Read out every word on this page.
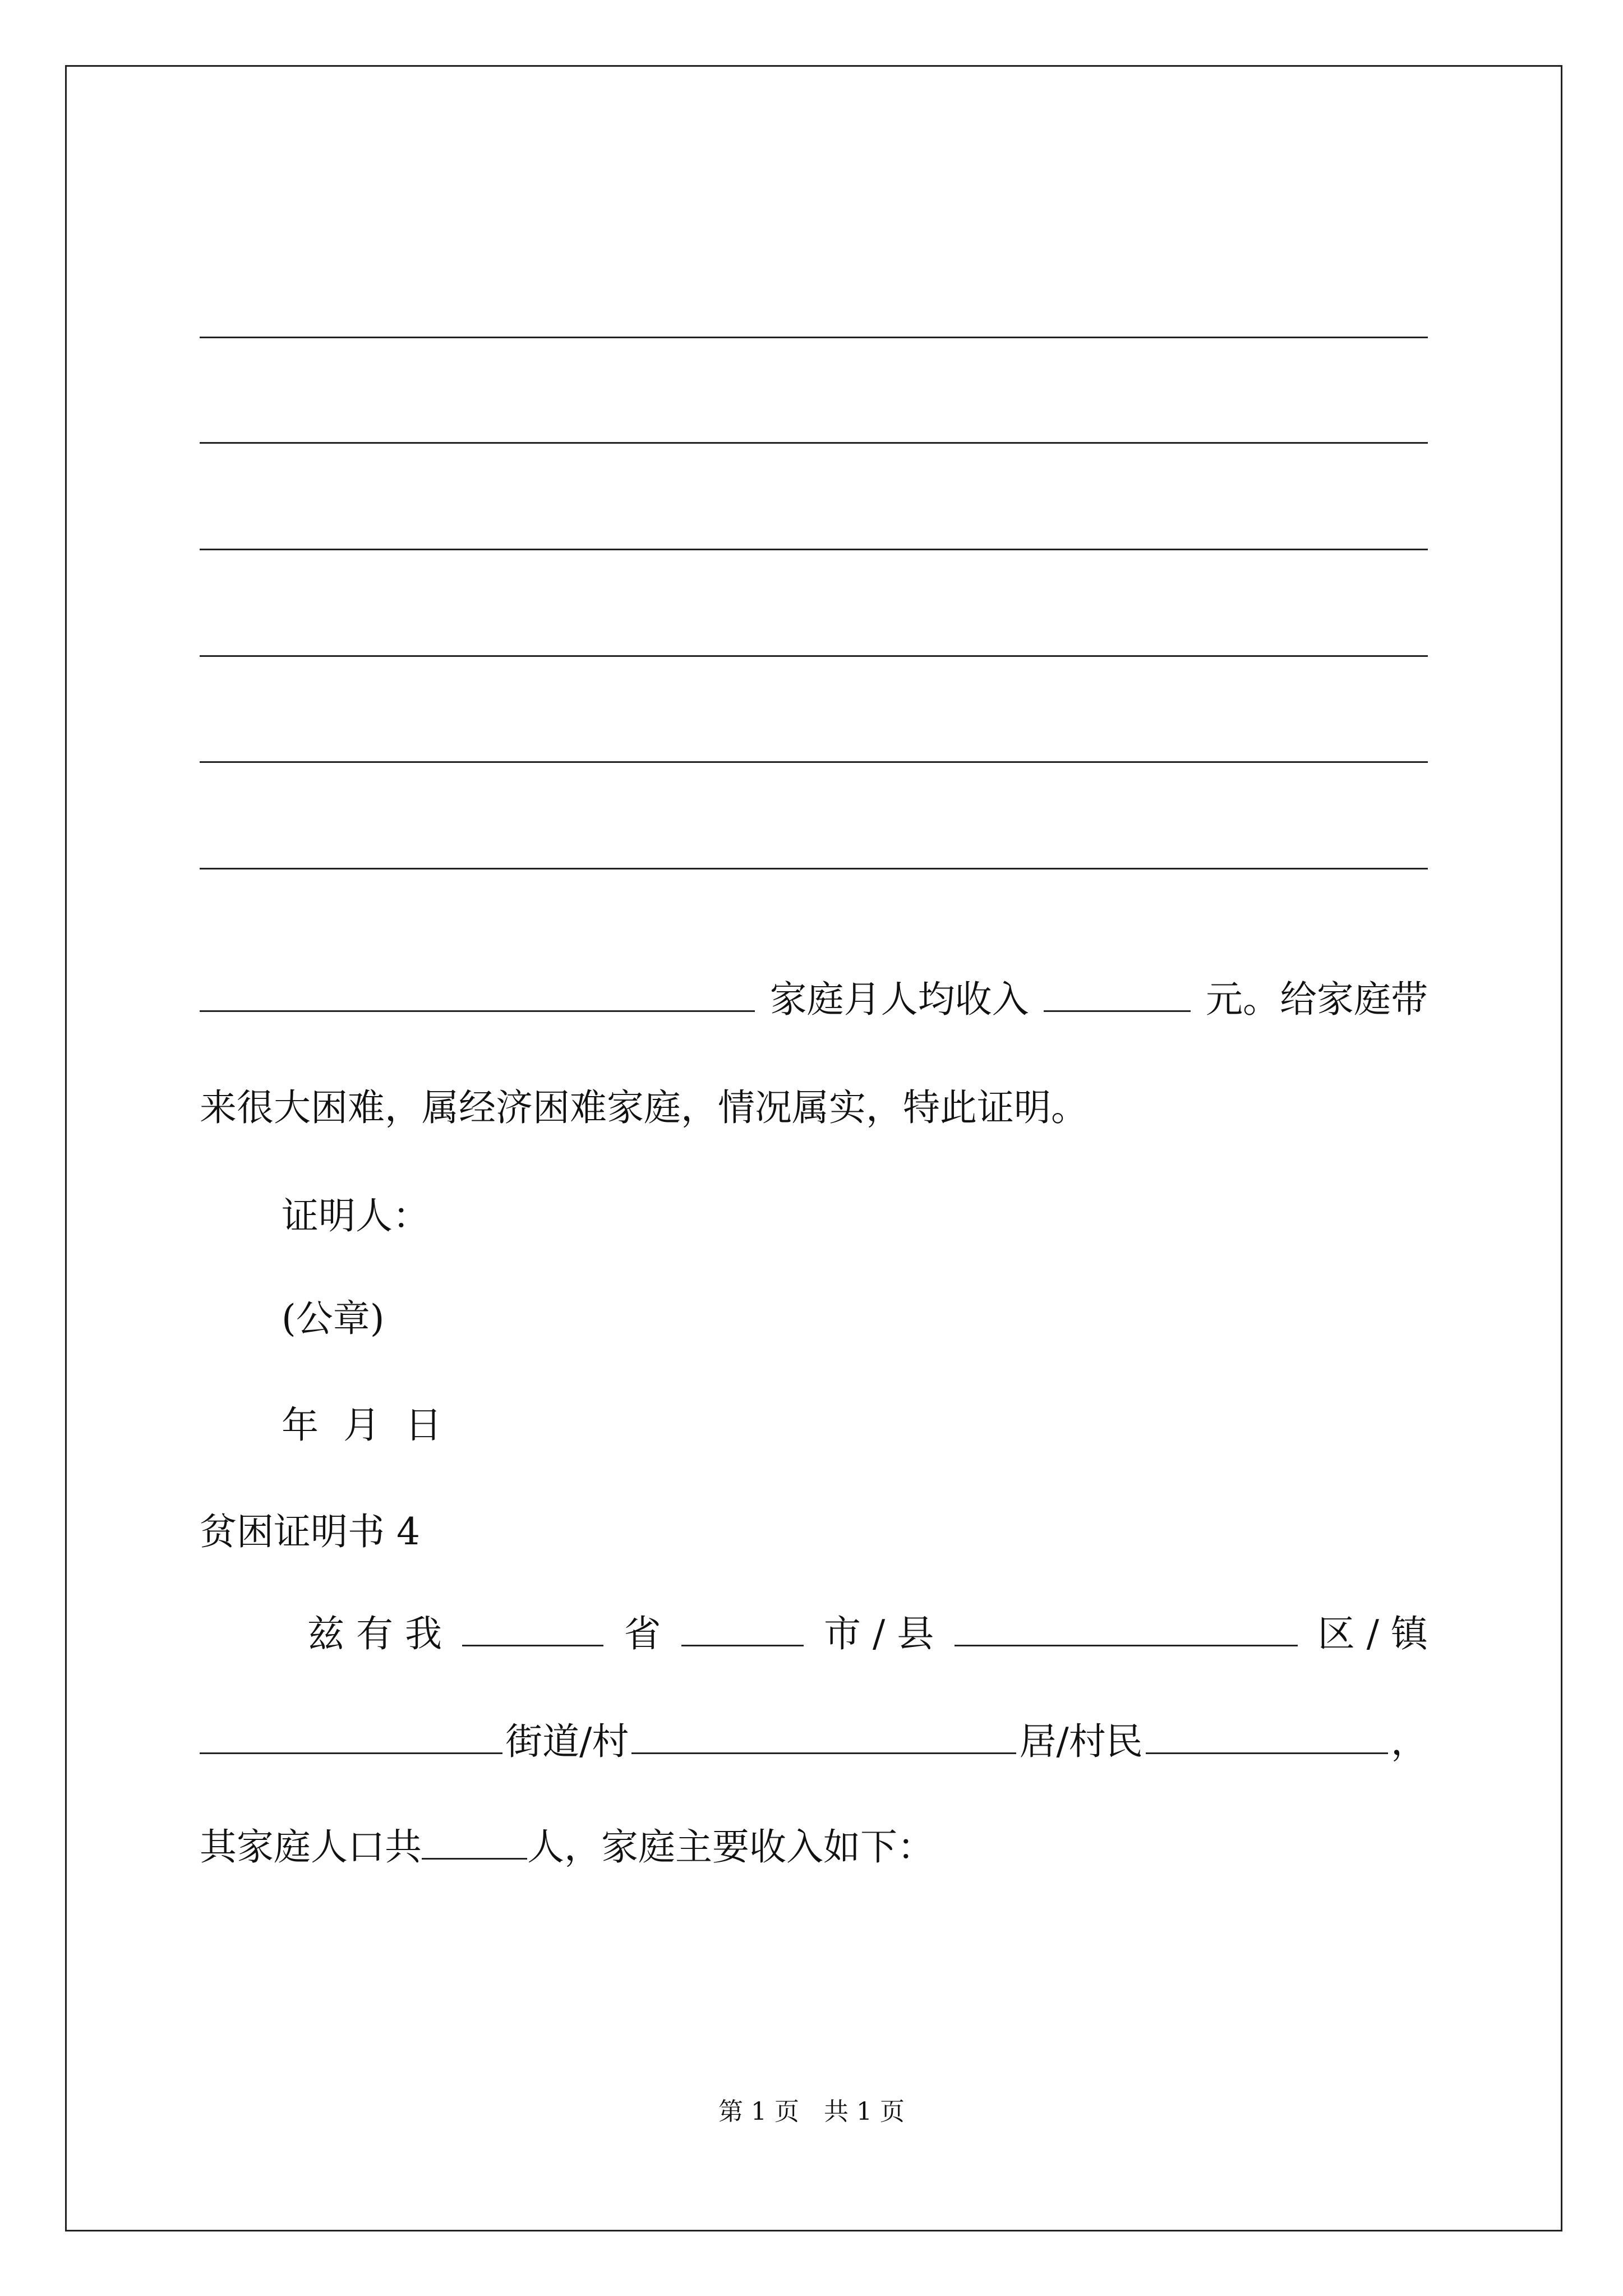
家庭月人均收入	元。给家庭带
来很大困难，属经济困难家庭，情况属实，特此证明。
证明人：
(公章)
年 月 日
贫困证明书 4
兹 有 我	省	市 / 县	区 / 镇
街道/村	居/村民	，
其家庭人口共	人，家庭主要收入如下：
第 1 页　共 1 页
